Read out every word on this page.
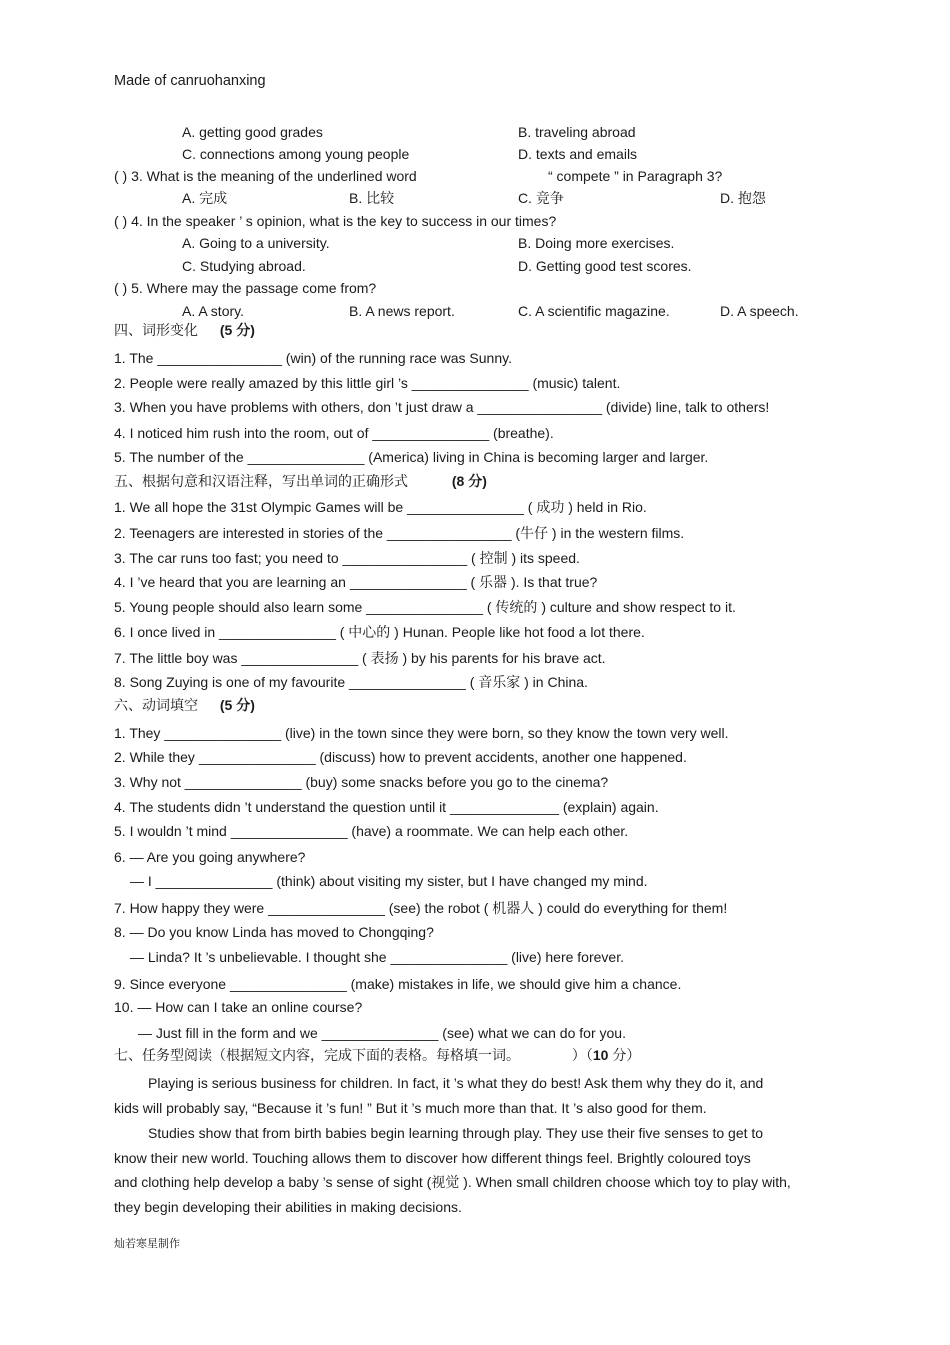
Made of canruohanxing
A. getting good grades	B. traveling abroad
C. connections among young people	D. texts and emails
( ) 3. What is the meaning of the underlined word	“ compete ” in Paragraph 3?
A. 完成	B. 比较	C. 竞争	D. 抱怨
( ) 4. In the speaker ’ s opinion, what is the key to success in our times?
A. Going to a university.	B. Doing more exercises.
C. Studying abroad.	D. Getting good test scores.
( ) 5. Where may the passage come from?
A. A story.	B. A news report.	C. A scientific magazine.	D. A speech.
四、词形变化 (5 分)
1. The ________________ (win) of the running race was Sunny.
2. People were really amazed by this little girl ’s _______________ (music) talent.
3. When you have problems with others, don ’t just draw a ________________ (divide) line, talk to others!
4. I noticed him rush into the room, out of _______________ (breathe).
5. The number of the _______________ (America) living in China is becoming larger and larger.
五、根据句意和汉语注释，写出单词的正确形式	(8 分)
1. We all hope the 31st Olympic Games will be _______________ ( 成功 ) held in Rio.
2. Teenagers are interested in stories of the ________________ (牛仔 ) in the western films.
3. The car runs too fast; you need to ________________ ( 控制 ) its speed.
4. I ’ve heard that you are learning an _______________ ( 乐器 ). Is that true?
5. Young people should also learn some _______________ ( 传统的 ) culture and show respect to it.
6. I once lived in _______________ ( 中心的 ) Hunan. People like hot food a lot there.
7. The little boy was _______________ ( 表扬 ) by his parents for his brave act.
8. Song Zuying is one of my favourite _______________ ( 音乐家 ) in China.
六、动词填空 (5 分)
1. They _______________ (live) in the town since they were born, so they know the town very well.
2. While they _______________ (discuss) how to prevent accidents, another one happened.
3. Why not _______________ (buy) some snacks before you go to the cinema?
4. The students didn ’t understand the question until it ______________ (explain) again.
5. I wouldn ’t mind _______________ (have) a roommate. We can help each other.
6. — Are you going anywhere?
— I _______________ (think) about visiting my sister, but I have changed my mind.
7. How happy they were _______________ (see) the robot ( 机器人 ) could do everything for them!
8. — Do you know Linda has moved to Chongqing?
— Linda? It ’s unbelievable. I thought she _______________ (live) here forever.
9. Since everyone _______________ (make) mistakes in life, we should give him a chance.
10. — How can I take an online course?
— Just fill in the form and we _______________ (see) what we can do for you.
七、任务型阅读（根据短文内容，完成下面的表格。每格填一词。	）（10 分）
Playing is serious business for children. In fact, it ’s what they do best! Ask them why they do it, and
kids will probably say, “Because it ’s fun! ” But it ’s much more than that. It ’s also good for them.
Studies show that from birth babies begin learning through play. They use their five senses to get to
know their new world. Touching allows them to discover how different things feel. Brightly coloured toys
and clothing help develop a baby ’s sense of sight (视觉 ). When small children choose which toy to play with,
they begin developing their abilities in making decisions.
灿若寒星制作
